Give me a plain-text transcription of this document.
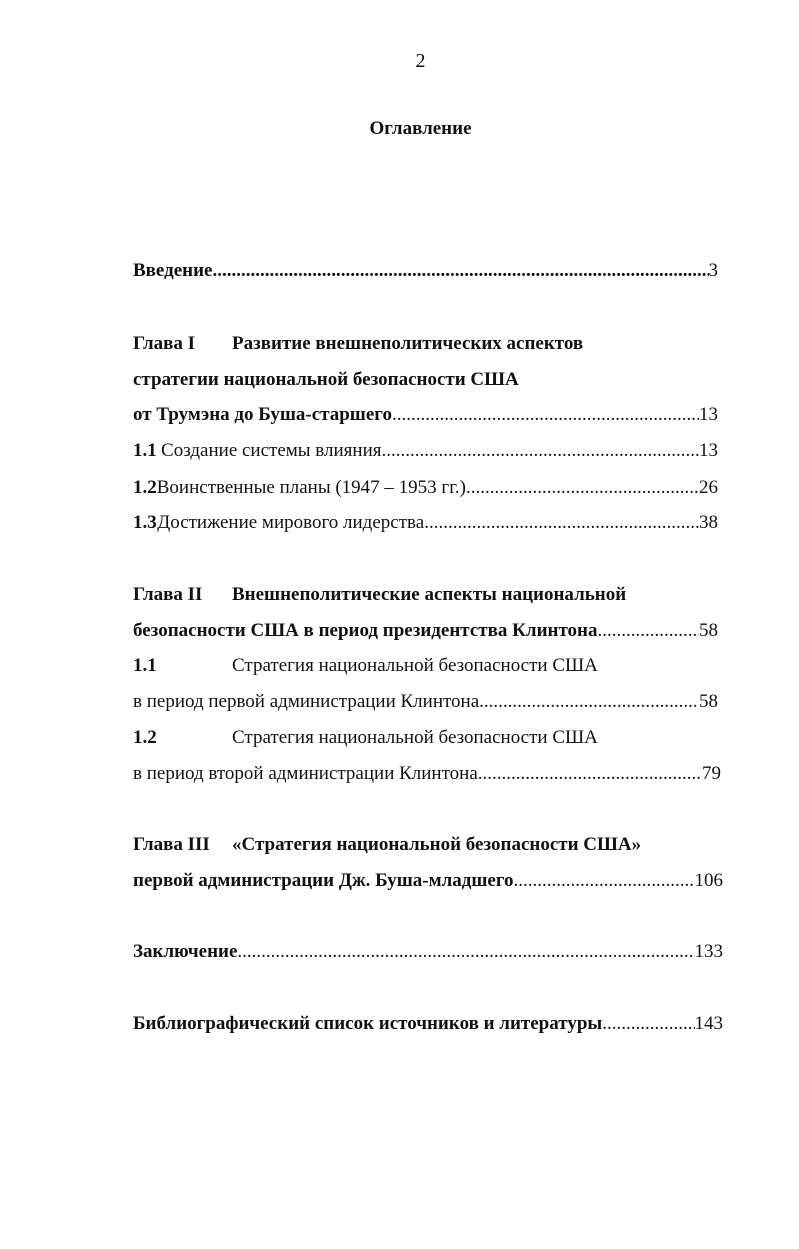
2
Оглавление
Введение .....	3
Глава I Развитие внешнеполитических аспектов
стратегии национальной безопасности США
от Трумэна до Буша-старшего .....	13
1.1 Создание системы влияния .....	13
1.2 Воинственные планы (1947 – 1953 гг.) .....	26
1.3 Достижение мирового лидерства .....	38
Глава II Внешнеполитические аспекты национальной
безопасности США в период президентства Клинтона .....	58
1.1	Стратегия национальной безопасности США
в период первой администрации Клинтона .....	58
1.2	Стратегия национальной безопасности США
в период второй администрации Клинтона .....	79
Глава III «Стратегия национальной безопасности США»
первой администрации Дж. Буша-младшего .....	106
Заключение .....	133
Библиографический список источников и литературы .....	143
